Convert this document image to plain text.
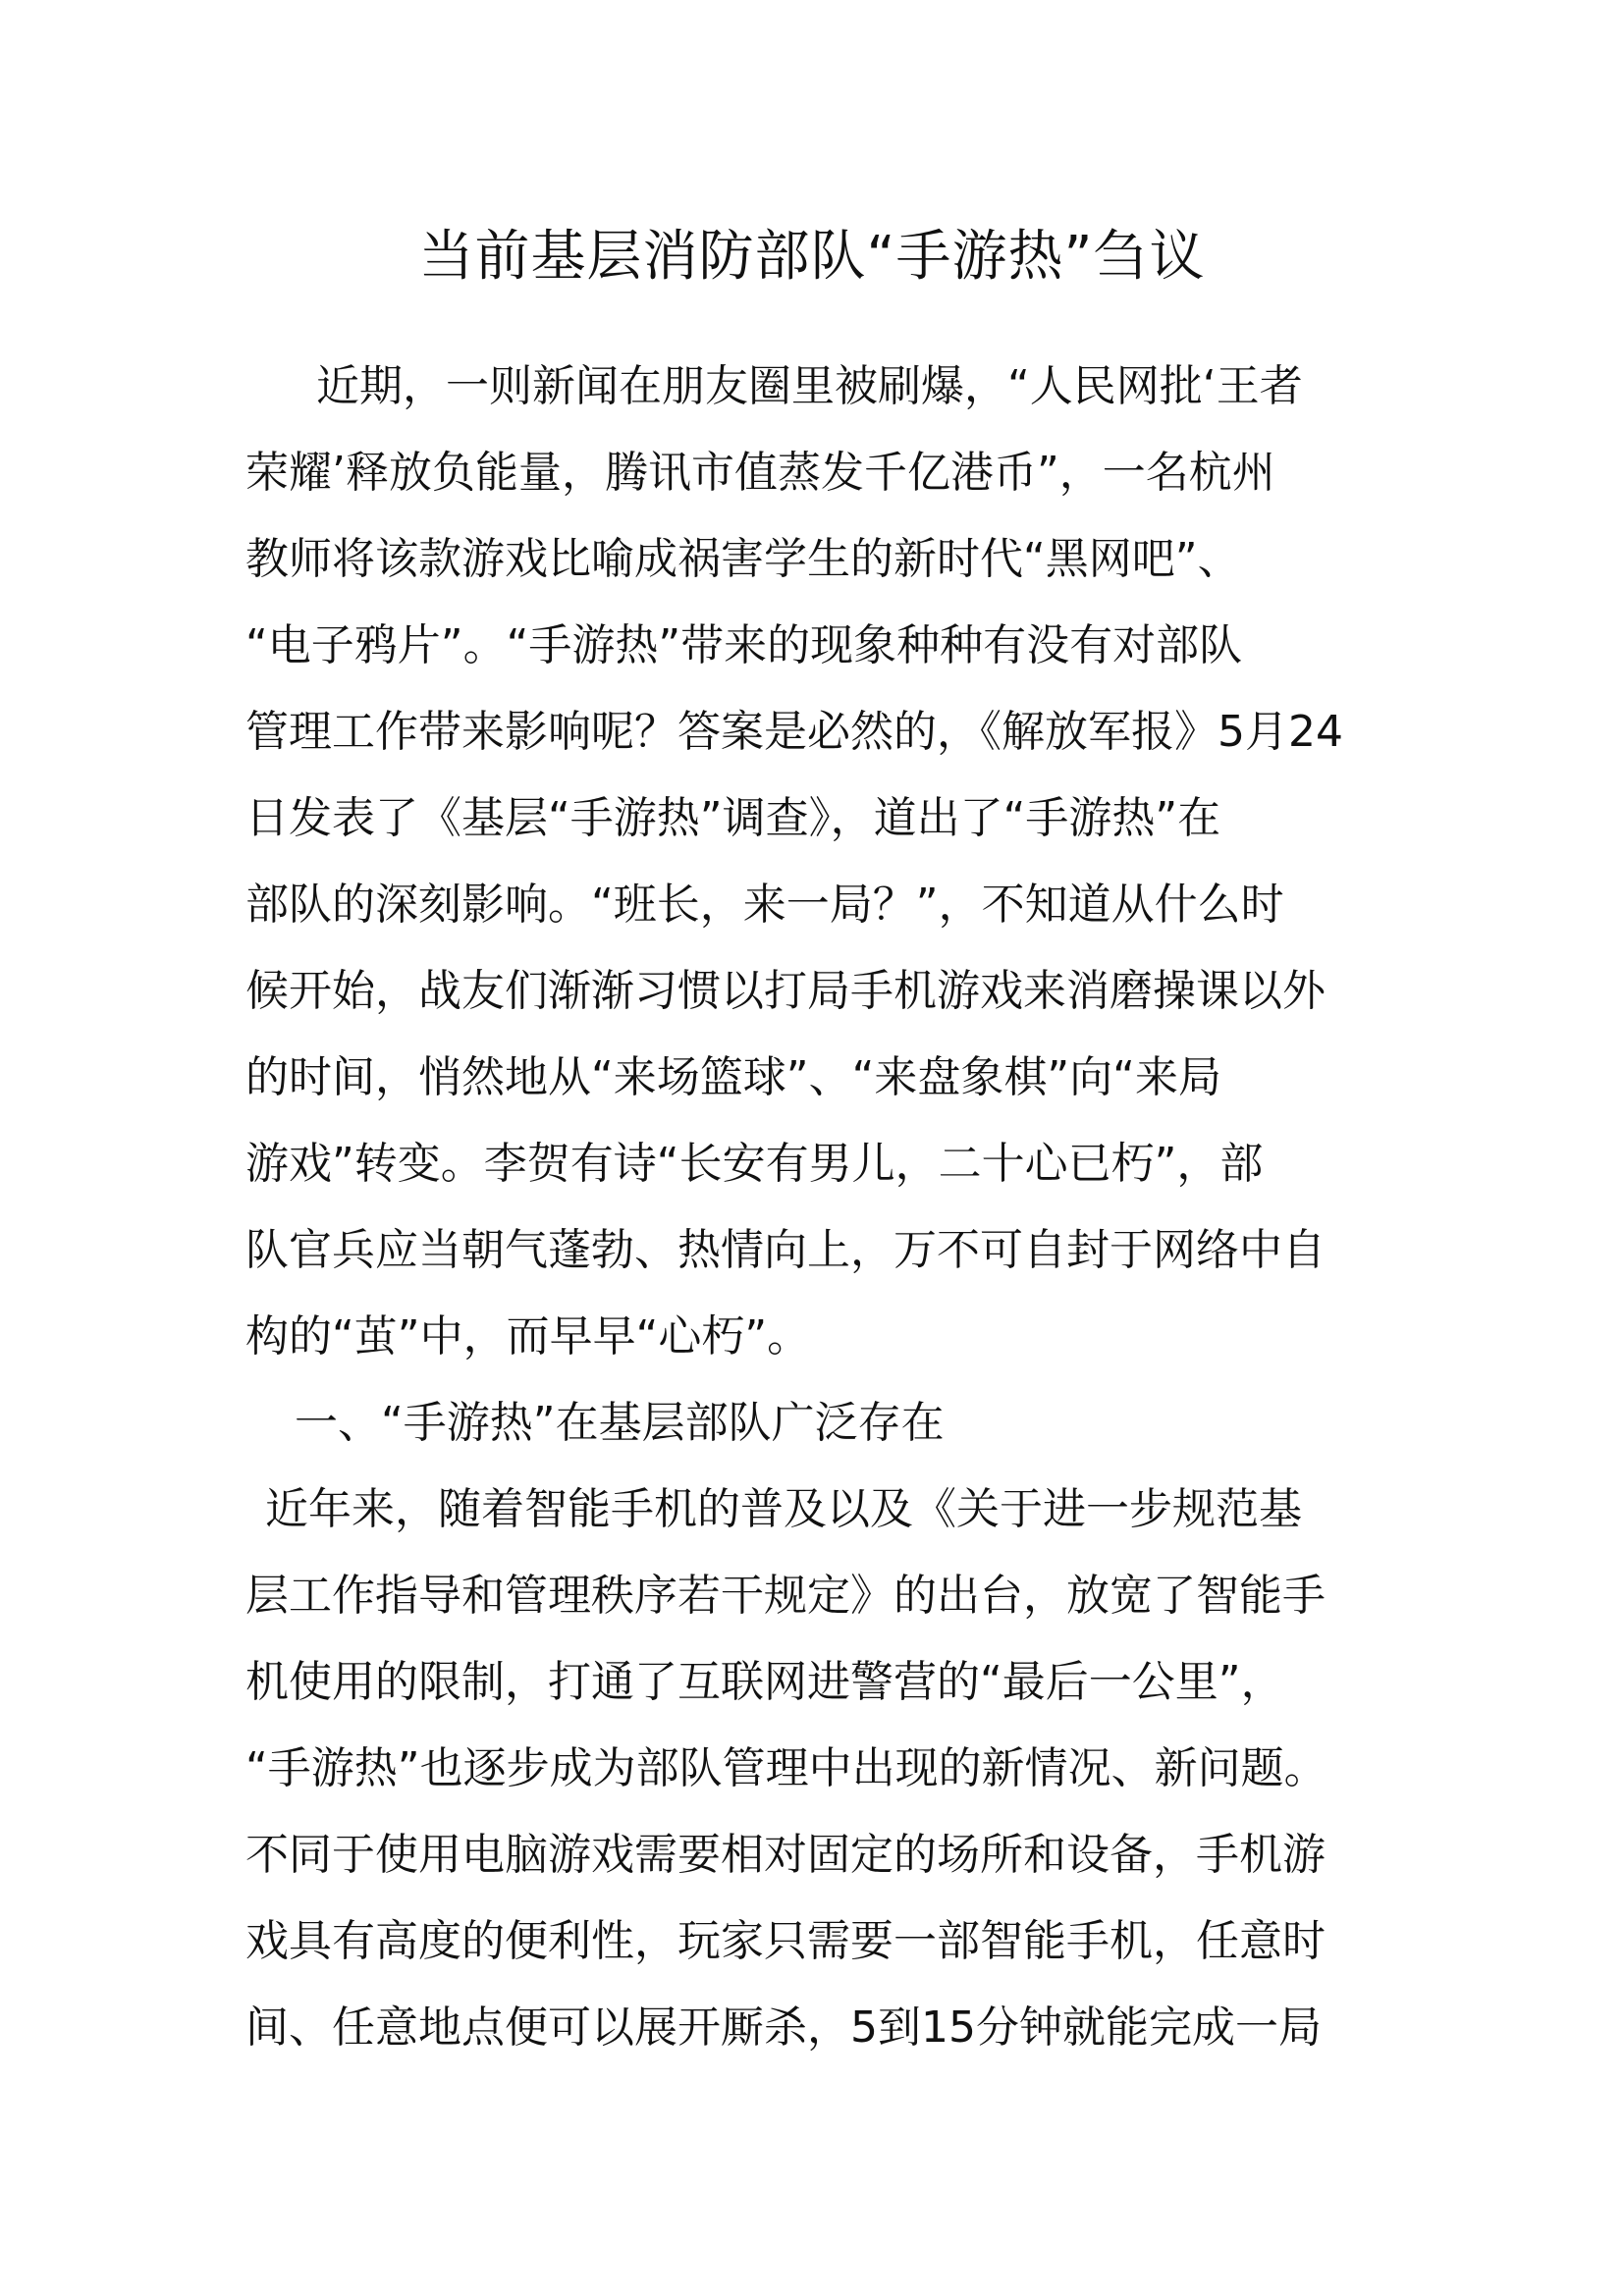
当前基层消防部队“手游热”刍议

近期，一则新闻在朋友圈里被刷爆，“人民网批‘王者

荣耀’释放负能量，腾讯市值蒸发千亿港币”，一名杭州

教师将该款游戏比喻成祸害学生的新时代“黑网吧”、

“电子鸦片”。“手游热”带来的现象种种有没有对部队

管理工作带来影响呢？答案是必然的，《解放军报》5月24

日发表了《基层“手游热”调查》，道出了“手游热”在

部队的深刻影响。“班长，来一局？”，不知道从什么时

候开始，战友们渐渐习惯以打局手机游戏来消磨操课以外

的时间，悄然地从“来场篮球”、“来盘象棋”向“来局

游戏”转变。李贺有诗“长安有男儿，二十心已朽”，部

队官兵应当朝气蓬勃、热情向上，万不可自封于网络中自

构的“茧”中，而早早“心朽”。

一、“手游热”在基层部队广泛存在

近年来，随着智能手机的普及以及《关于进一步规范基

层工作指导和管理秩序若干规定》的出台，放宽了智能手

机使用的限制，打通了互联网进警营的“最后一公里”，

“手游热”也逐步成为部队管理中出现的新情况、新问题。

不同于使用电脑游戏需要相对固定的场所和设备，手机游

戏具有高度的便利性，玩家只需要一部智能手机，任意时

间、任意地点便可以展开厮杀，5到15分钟就能完成一局
